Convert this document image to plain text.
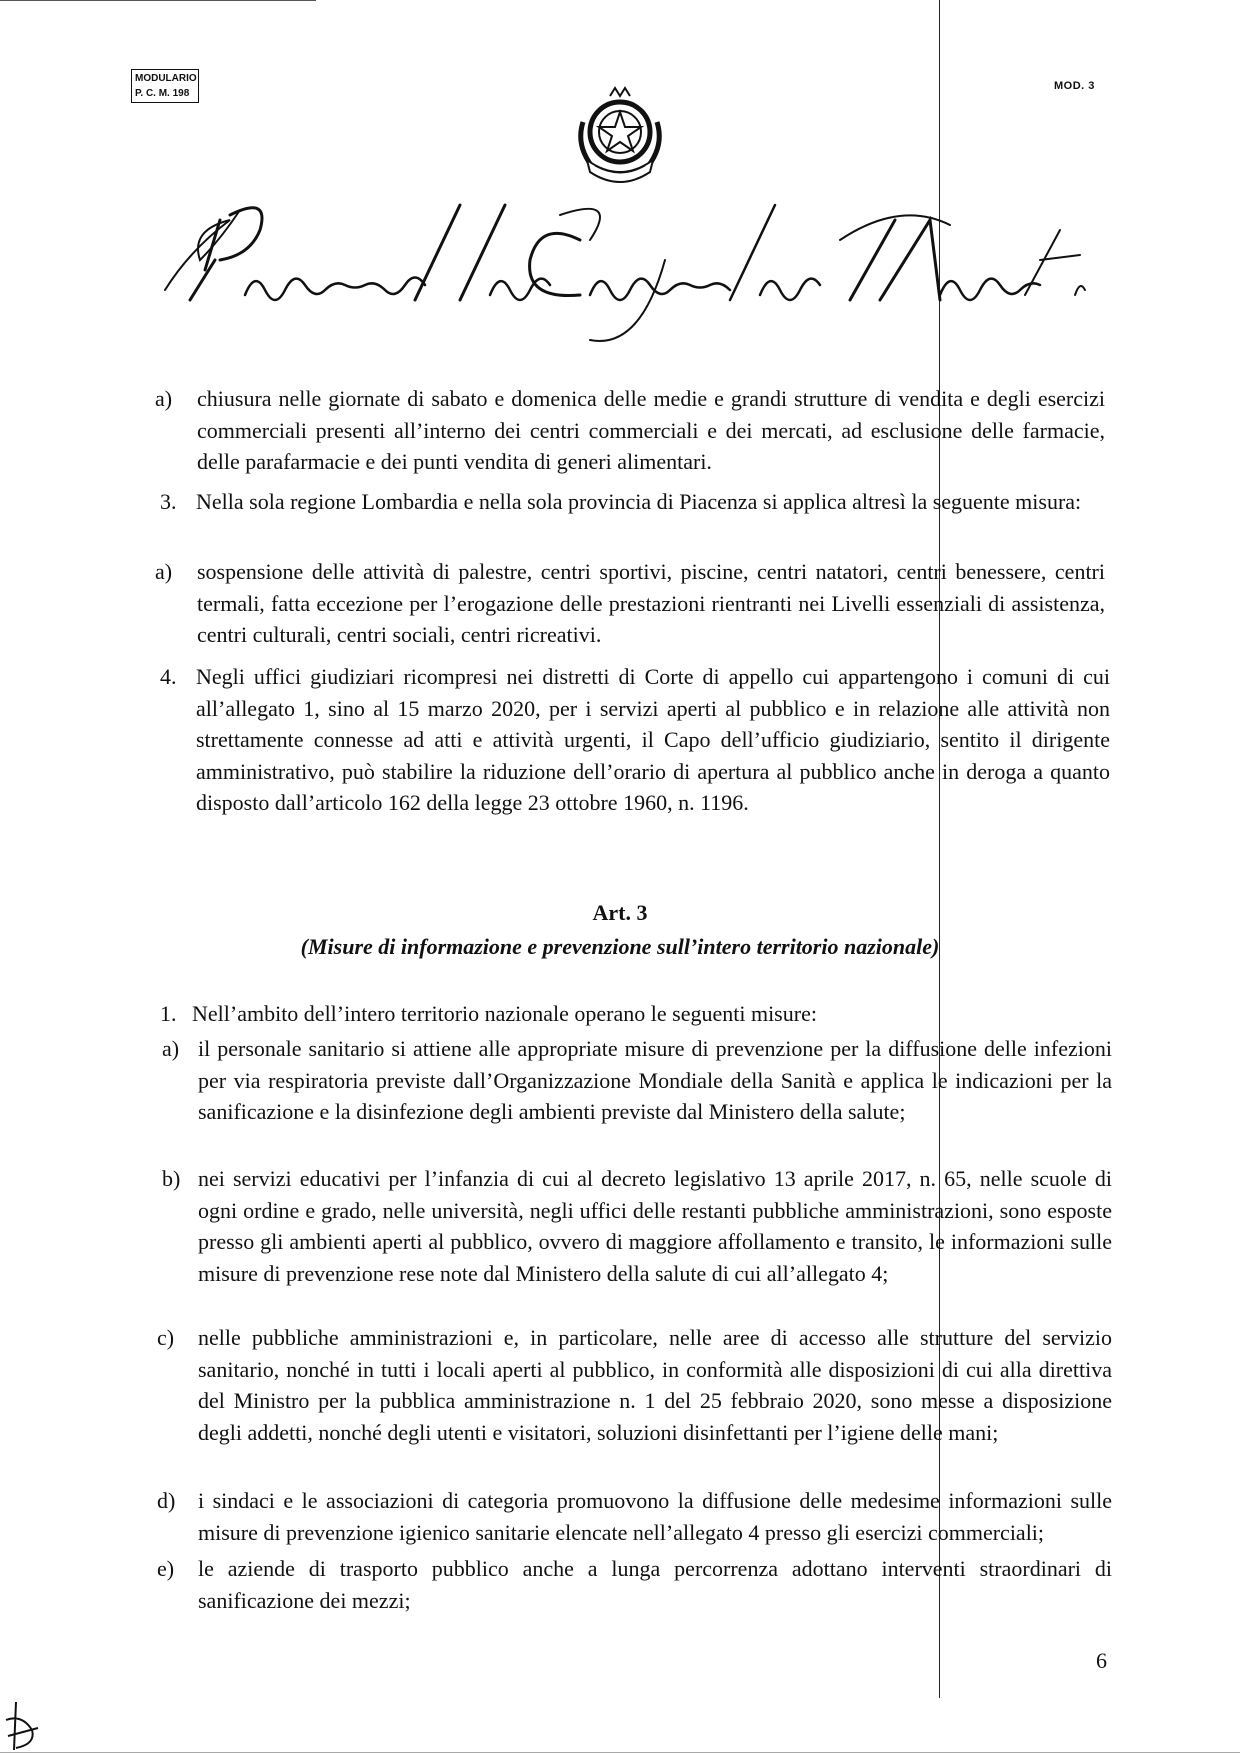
MODULARIO
P. C. M. 198
MOD. 3
Presidenza del Consiglio dei Ministri
a) chiusura nelle giornate di sabato e domenica delle medie e grandi strutture di vendita e degli esercizi commerciali presenti all’interno dei centri commerciali e dei mercati, ad esclusione delle farmacie, delle parafarmacie e dei punti vendita di generi alimentari.
3. Nella sola regione Lombardia e nella sola provincia di Piacenza si applica altresì la seguente misura:
a) sospensione delle attività di palestre, centri sportivi, piscine, centri natatori, centri benessere, centri termali, fatta eccezione per l’erogazione delle prestazioni rientranti nei Livelli essenziali di assistenza, centri culturali, centri sociali, centri ricreativi.
4. Negli uffici giudiziari ricompresi nei distretti di Corte di appello cui appartengono i comuni di cui all’allegato 1, sino al 15 marzo 2020, per i servizi aperti al pubblico e in relazione alle attività non strettamente connesse ad atti e attività urgenti, il Capo dell’ufficio giudiziario, sentito il dirigente amministrativo, può stabilire la riduzione dell’orario di apertura al pubblico anche in deroga a quanto disposto dall’articolo 162 della legge 23 ottobre 1960, n. 1196.
Art. 3
(Misure di informazione e prevenzione sull’intero territorio nazionale)
1. Nell’ambito dell’intero territorio nazionale operano le seguenti misure:
a) il personale sanitario si attiene alle appropriate misure di prevenzione per la diffusione delle infezioni per via respiratoria previste dall’Organizzazione Mondiale della Sanità e applica le indicazioni per la sanificazione e la disinfezione degli ambienti previste dal Ministero della salute;
b) nei servizi educativi per l’infanzia di cui al decreto legislativo 13 aprile 2017, n. 65, nelle scuole di ogni ordine e grado, nelle università, negli uffici delle restanti pubbliche amministrazioni, sono esposte presso gli ambienti aperti al pubblico, ovvero di maggiore affollamento e transito, le informazioni sulle misure di prevenzione rese note dal Ministero della salute di cui all’allegato 4;
c) nelle pubbliche amministrazioni e, in particolare, nelle aree di accesso alle strutture del servizio sanitario, nonché in tutti i locali aperti al pubblico, in conformità alle disposizioni di cui alla direttiva del Ministro per la pubblica amministrazione n. 1 del 25 febbraio 2020, sono messe a disposizione degli addetti, nonché degli utenti e visitatori, soluzioni disinfettanti per l’igiene delle mani;
d) i sindaci e le associazioni di categoria promuovono la diffusione delle medesime informazioni sulle misure di prevenzione igienico sanitarie elencate nell’allegato 4 presso gli esercizi commerciali;
e) le aziende di trasporto pubblico anche a lunga percorrenza adottano interventi straordinari di sanificazione dei mezzi;
6
